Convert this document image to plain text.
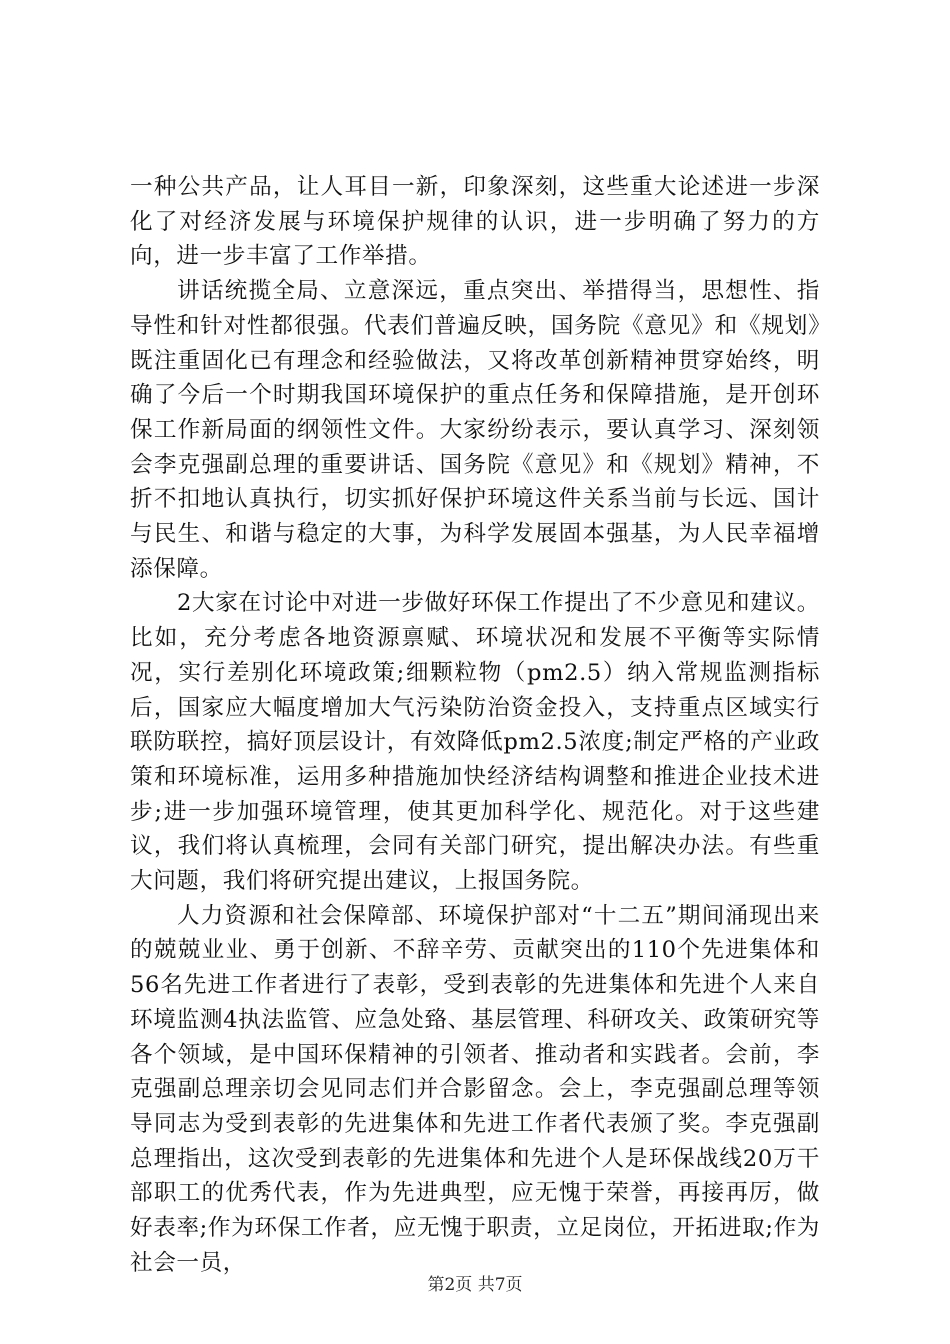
一种公共产品，让人耳目一新，印象深刻，这些重大论述进一步深化了对经济发展与环境保护规律的认识，进一步明确了努力的方向，进一步丰富了工作举措。

讲话统揽全局、立意深远，重点突出、举措得当，思想性、指导性和针对性都很强。代表们普遍反映，国务院《意见》和《规划》既注重固化已有理念和经验做法，又将改革创新精神贯穿始终，明确了今后一个时期我国环境保护的重点任务和保障措施，是开创环保工作新局面的纲领性文件。大家纷纷表示，要认真学习、深刻领会李克强副总理的重要讲话、国务院《意见》和《规划》精神，不折不扣地认真执行，切实抓好保护环境这件关系当前与长远、国计与民生、和谐与稳定的大事，为科学发展固本强基，为人民幸福增添保障。

2大家在讨论中对进一步做好环保工作提出了不少意见和建议。比如，充分考虑各地资源禀赋、环境状况和发展不平衡等实际情况，实行差别化环境政策;细颗粒物（pm2.5）纳入常规监测指标后，国家应大幅度增加大气污染防治资金投入，支持重点区域实行联防联控，搞好顶层设计，有效降低pm2.5浓度;制定严格的产业政策和环境标准，运用多种措施加快经济结构调整和推进企业技术进步;进一步加强环境管理，使其更加科学化、规范化。对于这些建议，我们将认真梳理，会同有关部门研究，提出解决办法。有些重大问题，我们将研究提出建议，上报国务院。

人力资源和社会保障部、环境保护部对“十二五”期间涌现出来的兢兢业业、勇于创新、不辞辛劳、贡献突出的110个先进集体和56名先进工作者进行了表彰，受到表彰的先进集体和先进个人来自环境监测4执法监管、应急处臵、基层管理、科研攻关、政策研究等各个领域，是中国环保精神的引领者、推动者和实践者。会前，李克强副总理亲切会见同志们并合影留念。会上，李克强副总理等领导同志为受到表彰的先进集体和先进工作者代表颁了奖。李克强副总理指出，这次受到表彰的先进集体和先进个人是环保战线20万干部职工的优秀代表，作为先进典型，应无愧于荣誉，再接再厉，做好表率;作为环保工作者，应无愧于职责，立足岗位，开拓进取;作为社会一员，

第2页 共7页
